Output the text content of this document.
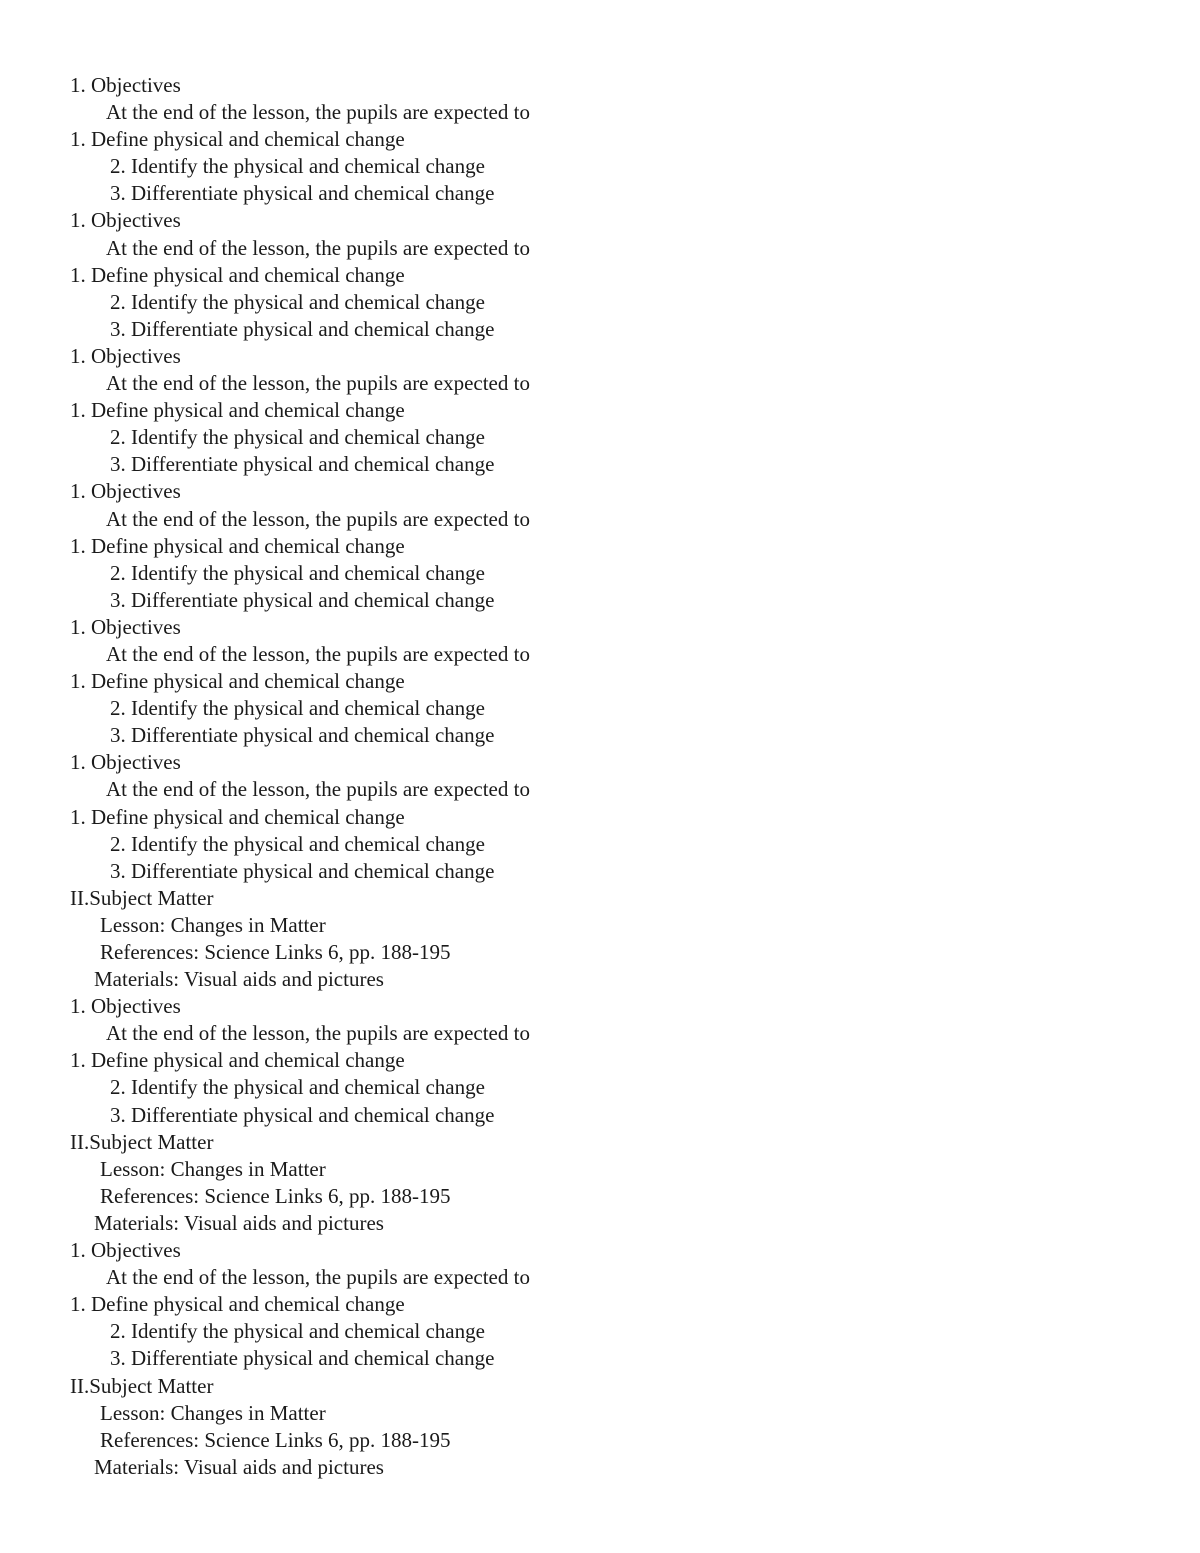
1. Objectives
At the end of the lesson, the pupils are expected to
1. Define physical and chemical change
2. Identify the physical and chemical change
3. Differentiate physical and chemical change
1. Objectives
At the end of the lesson, the pupils are expected to
1. Define physical and chemical change
2. Identify the physical and chemical change
3. Differentiate physical and chemical change
1. Objectives
At the end of the lesson, the pupils are expected to
1. Define physical and chemical change
2. Identify the physical and chemical change
3. Differentiate physical and chemical change
1. Objectives
At the end of the lesson, the pupils are expected to
1. Define physical and chemical change
2. Identify the physical and chemical change
3. Differentiate physical and chemical change
1. Objectives
At the end of the lesson, the pupils are expected to
1. Define physical and chemical change
2. Identify the physical and chemical change
3. Differentiate physical and chemical change
1. Objectives
At the end of the lesson, the pupils are expected to
1. Define physical and chemical change
2. Identify the physical and chemical change
3. Differentiate physical and chemical change
II.Subject Matter
Lesson: Changes in Matter
References: Science Links 6, pp. 188-195
Materials: Visual aids and pictures
1. Objectives
At the end of the lesson, the pupils are expected to
1. Define physical and chemical change
2. Identify the physical and chemical change
3. Differentiate physical and chemical change
II.Subject Matter
Lesson: Changes in Matter
References: Science Links 6, pp. 188-195
Materials: Visual aids and pictures
1. Objectives
At the end of the lesson, the pupils are expected to
1. Define physical and chemical change
2. Identify the physical and chemical change
3. Differentiate physical and chemical change
II.Subject Matter
Lesson: Changes in Matter
References: Science Links 6, pp. 188-195
Materials: Visual aids and pictures
